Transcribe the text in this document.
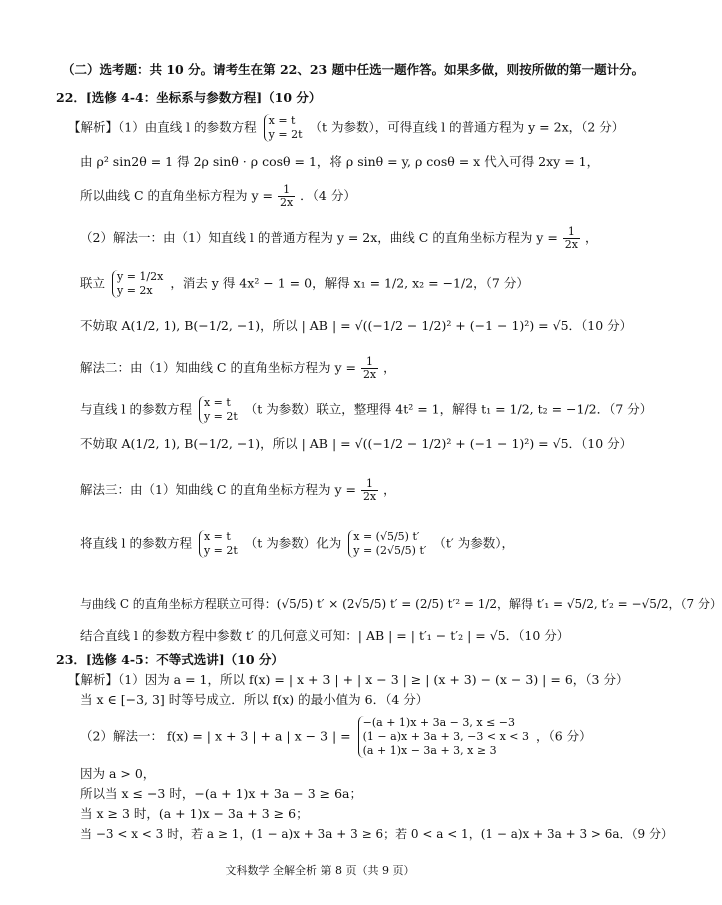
（二）选考题：共 10 分。请考生在第 22、23 题中任选一题作答。如果多做，则按所做的第一题计分。
22．[选修 4-4：坐标系与参数方程]（10 分）
【解析】（1）由直线 l 的参数方程 x = t
y = 2t （t 为参数），可得直线 l 的普通方程为 y = 2x，（2 分）
由 ρ² sin2θ = 1 得 2ρ sinθ · ρ cosθ = 1，将 ρ sinθ = y, ρ cosθ = x 代入可得 2xy = 1，
所以曲线 C 的直角坐标方程为 $y = \frac{1}{2x}$ ．（4 分）
（2）解法一：由（1）知直线 l 的普通方程为 y = 2x，曲线 C 的直角坐标方程为 $y = \frac{1}{2x}$ ，
联立 y = 1/2x
y = 2x	，消去 y 得 4x² − 1 = 0，解得 x₁ = 1/2, x₂ = −1/2，（7 分）
不妨取 A(1/2, 1), B(−1/2, −1)，所以 | AB | = √((−1/2 − 1/2)² + (−1 − 1)²) = √5．（10 分）
解法二：由（1）知曲线 C 的直角坐标方程为 $y = \frac{1}{2x}$ ，
与直线 l 的参数方程 x = t
y = 2t （t 为参数）联立，整理得 4t² = 1，解得 t₁ = 1/2, t₂ = −1/2．（7 分）
不妨取 A(1/2, 1), B(−1/2, −1)，所以 | AB | = √((−1/2 − 1/2)² + (−1 − 1)²) = √5．（10 分）
解法三：由（1）知曲线 C 的直角坐标方程为 $y = \frac{1}{2x}$ ，
将直线 l 的参数方程 x = t
y = 2t （t 为参数）化为 x = (√5/5) t′
y = (2√5/5) t′ （t′ 为参数），
与曲线 C 的直角坐标方程联立可得：(√5/5) t′ × (2√5/5) t′ = (2/5) t′² = 1/2，解得 t′₁ = √5/2, t′₂ = −√5/2，（7 分）
结合直线 l 的参数方程中参数 t′ 的几何意义可知：| AB | = | t′₁ − t′₂ | = √5．（10 分）
23．[选修 4-5：不等式选讲]（10 分）
【解析】（1）因为 a = 1，所以 f(x) = | x + 3 | + | x − 3 | ≥ | (x + 3) − (x − 3) | = 6，（3 分）
当 x ∈ [−3, 3] 时等号成立．所以 f(x) 的最小值为 6．（4 分）
（2）解法一： f(x) = | x + 3 | + a | x − 3 | =
−(a + 1)x + 3a − 3, x ≤ −3
(1 − a)x + 3a + 3, −3 < x < 3
(a + 1)x − 3a + 3, x ≥ 3
，（6 分）
因为 a > 0，
所以当 x ≤ −3 时，−(a + 1)x + 3a − 3 ≥ 6a；
当 x ≥ 3 时，(a + 1)x − 3a + 3 ≥ 6；
当 −3 < x < 3 时，若 a ≥ 1，(1 − a)x + 3a + 3 ≥ 6；若 0 < a < 1，(1 − a)x + 3a + 3 > 6a．（9 分）
文科数学 全解全析 第 8 页（共 9 页）
